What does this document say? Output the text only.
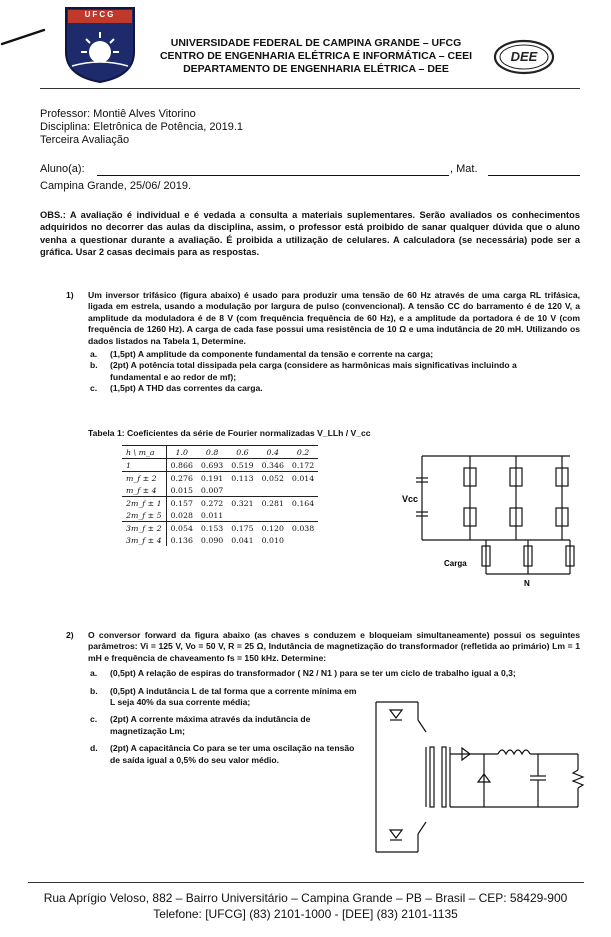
UFCG
UNIVERSIDADE FEDERAL DE CAMPINA GRANDE – UFCG
CENTRO DE ENGENHARIA ELÉTRICA E INFORMÁTICA – CEEI
DEPARTAMENTO DE ENGENHARIA ELÉTRICA – DEE
DEE
Professor: Montiê Alves Vitorino
Disciplina: Eletrônica de Potência, 2019.1
Terceira Avaliação
Aluno(a):	, Mat.
Campina Grande, 25/06/ 2019.
OBS.: A avaliação é individual e é vedada a consulta a materiais suplementares. Serão avaliados os conhecimentos adquiridos no decorrer das aulas da disciplina, assim, o professor está proibido de sanar qualquer dúvida que o aluno venha a questionar durante a avaliação. É proibida a utilização de celulares. A calculadora (se necessária) pode ser a gráfica. Usar 2 casas decimais para as respostas.
1) Um inversor trifásico (figura abaixo) é usado para produzir uma tensão de 60 Hz através de uma carga RL trifásica, ligada em estrela, usando a modulação por largura de pulso (convencional). A tensão CC do barramento é de 120 V, a amplitude da moduladora é de 8 V (com frequência frequência de 60 Hz), e a amplitude da portadora é de 10 V (com frequência de 1260 Hz). A carga de cada fase possui uma resistência de 10 Ω e uma indutância de 20 mH. Utilizando os dados listados na Tabela 1, Determine.
a. (1,5pt) A amplitude da componente fundamental da tensão e corrente na carga;
b. (2pt) A potência total dissipada pela carga (considere as harmônicas mais significativas incluindo a fundamental e ao redor de mf);
c. (1,5pt) A THD das correntes da carga.
Tabela 1: Coeficientes da série de Fourier normalizadas V_LLh / V_cc
h \ m_a	1.0	0.8	0.6	0.4	0.2
1	0.866	0.693	0.519	0.346	0.172
m_f ± 2	0.276	0.191	0.113	0.052	0.014
m_f ± 4	0.015	0.007			
2m_f ± 1	0.157	0.272	0.321	0.281	0.164
2m_f ± 5	0.028	0.011			
3m_f ± 2	0.054	0.153	0.175	0.120	0.038
3m_f ± 4	0.136	0.090	0.041	0.010	
Vcc
Carga
N
2) O conversor forward da figura abaixo (as chaves s conduzem e bloqueiam simultaneamente) possui os seguintes parâmetros: Vi = 125 V, Vo = 50 V, R = 25 Ω, Indutância de magnetização do transformador (refletida ao primário) Lm = 1 mH e frequência de chaveamento fs = 150 kHz. Determine:
a. (0,5pt) A relação de espiras do transformador ( N2 / N1 ) para se ter um ciclo de trabalho igual a 0,3;
b. (0,5pt) A indutância L de tal forma que a corrente mínima em L seja 40% da sua corrente média;
c. (2pt) A corrente máxima através da indutância de magnetização Lm;
d. (2pt) A capacitância Co para se ter uma oscilação na tensão de saída igual a 0,5% do seu valor médio.
Rua Aprígio Veloso, 882 – Bairro Universitário – Campina Grande – PB – Brasil – CEP: 58429-900
Telefone: [UFCG] (83) 2101-1000 - [DEE] (83) 2101-1135
